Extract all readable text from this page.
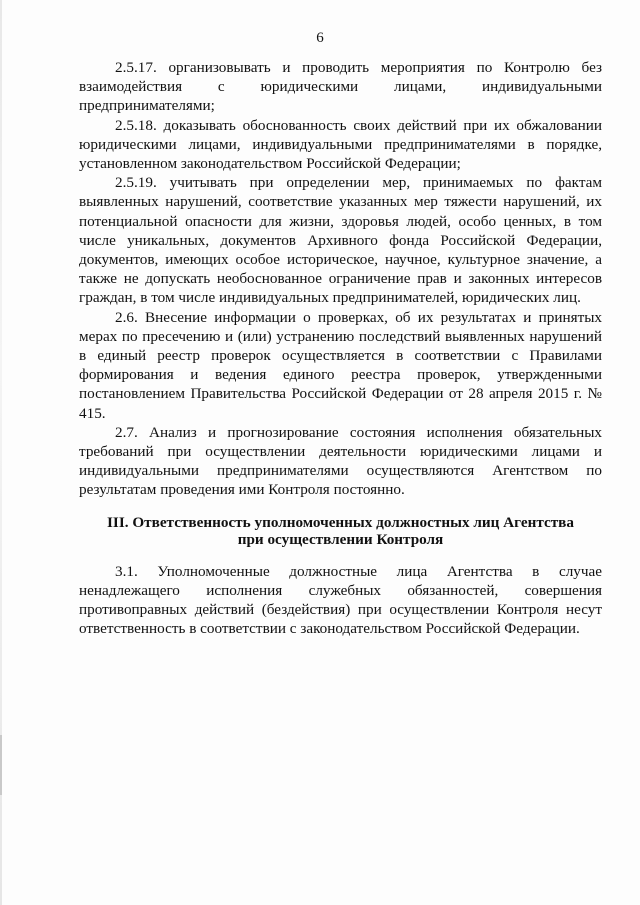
6

2.5.17. организовывать и проводить мероприятия по Контролю без взаимодействия с юридическими лицами, индивидуальными предпринимателями;

2.5.18. доказывать обоснованность своих действий при их обжаловании юридическими лицами, индивидуальными предпринимателями в порядке, установленном законодательством Российской Федерации;

2.5.19. учитывать при определении мер, принимаемых по фактам выявленных нарушений, соответствие указанных мер тяжести нарушений, их потенциальной опасности для жизни, здоровья людей, особо ценных, в том числе уникальных, документов Архивного фонда Российской Федерации, документов, имеющих особое историческое, научное, культурное значение, а также не допускать необоснованное ограничение прав и законных интересов граждан, в том числе индивидуальных предпринимателей, юридических лиц.

2.6. Внесение информации о проверках, об их результатах и принятых мерах по пресечению и (или) устранению последствий выявленных нарушений в единый реестр проверок осуществляется в соответствии с Правилами формирования и ведения единого реестра проверок, утвержденными постановлением Правительства Российской Федерации от 28 апреля 2015 г. № 415.

2.7. Анализ и прогнозирование состояния исполнения обязательных требований при осуществлении деятельности юридическими лицами и индивидуальными предпринимателями осуществляются Агентством по результатам проведения ими Контроля постоянно.

III. Ответственность уполномоченных должностных лиц Агентства
при осуществлении Контроля

3.1. Уполномоченные должностные лица Агентства в случае ненадлежащего исполнения служебных обязанностей, совершения противоправных действий (бездействия) при осуществлении Контроля несут ответственность в соответствии с законодательством Российской Федерации.
